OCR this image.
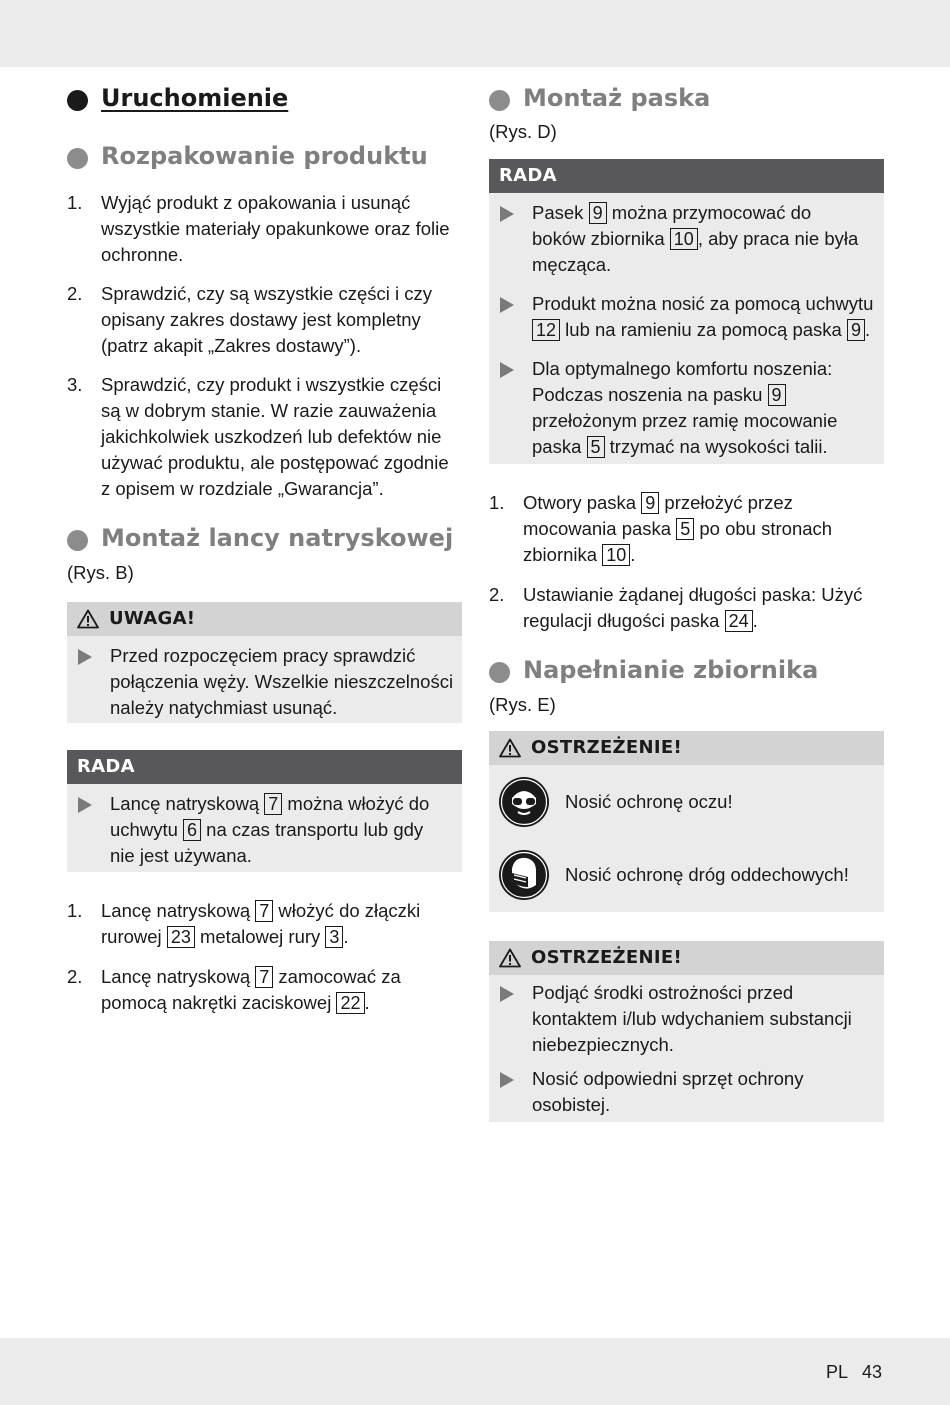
Uruchomienie
Rozpakowanie produktu
1. Wyjąć produkt z opakowania i usunąć
wszystkie materiały opakunkowe oraz folie
ochronne.
2. Sprawdzić, czy są wszystkie części i czy
opisany zakres dostawy jest kompletny
(patrz akapit „Zakres dostawy”).
3. Sprawdzić, czy produkt i wszystkie części
są w dobrym stanie. W razie zauważenia
jakichkolwiek uszkodzeń lub defektów nie
używać produktu, ale postępować zgodnie
z opisem w rozdziale „Gwarancja”.
Montaż lancy natryskowej
(Rys. B)
UWAGA!
Przed rozpoczęciem pracy sprawdzić
połączenia węży. Wszelkie nieszczelności
należy natychmiast usunąć.
RADA
Lancę natryskową 7 można włożyć do
uchwytu 6 na czas transportu lub gdy
nie jest używana.
1. Lancę natryskową 7 włożyć do złączki
rurowej 23 metalowej rury 3 .
2. Lancę natryskową 7 zamocować za
pomocą nakrętki zaciskowej 22 .
Montaż paska
(Rys. D)
RADA
Pasek 9 można przymocować do
boków zbiornika 10 , aby praca nie była
męcząca.
Produkt można nosić za pomocą uchwytu
12 lub na ramieniu za pomocą paska 9 .
Dla optymalnego komfortu noszenia:
Podczas noszenia na pasku 9
przełożonym przez ramię mocowanie
paska 5 trzymać na wysokości talii.
1. Otwory paska 9 przełożyć przez
mocowania paska 5 po obu stronach
zbiornika 10 .
2. Ustawianie żądanej długości paska: Użyć
regulacji długości paska 24 .
Napełnianie zbiornika
(Rys. E)
OSTRZEŻENIE!
Nosić ochronę oczu!
Nosić ochronę dróg oddechowych!
OSTRZEŻENIE!
Podjąć środki ostrożności przed
kontaktem i/lub wdychaniem substancji
niebezpiecznych.
Nosić odpowiedni sprzęt ochrony
osobistej.
PL 43
